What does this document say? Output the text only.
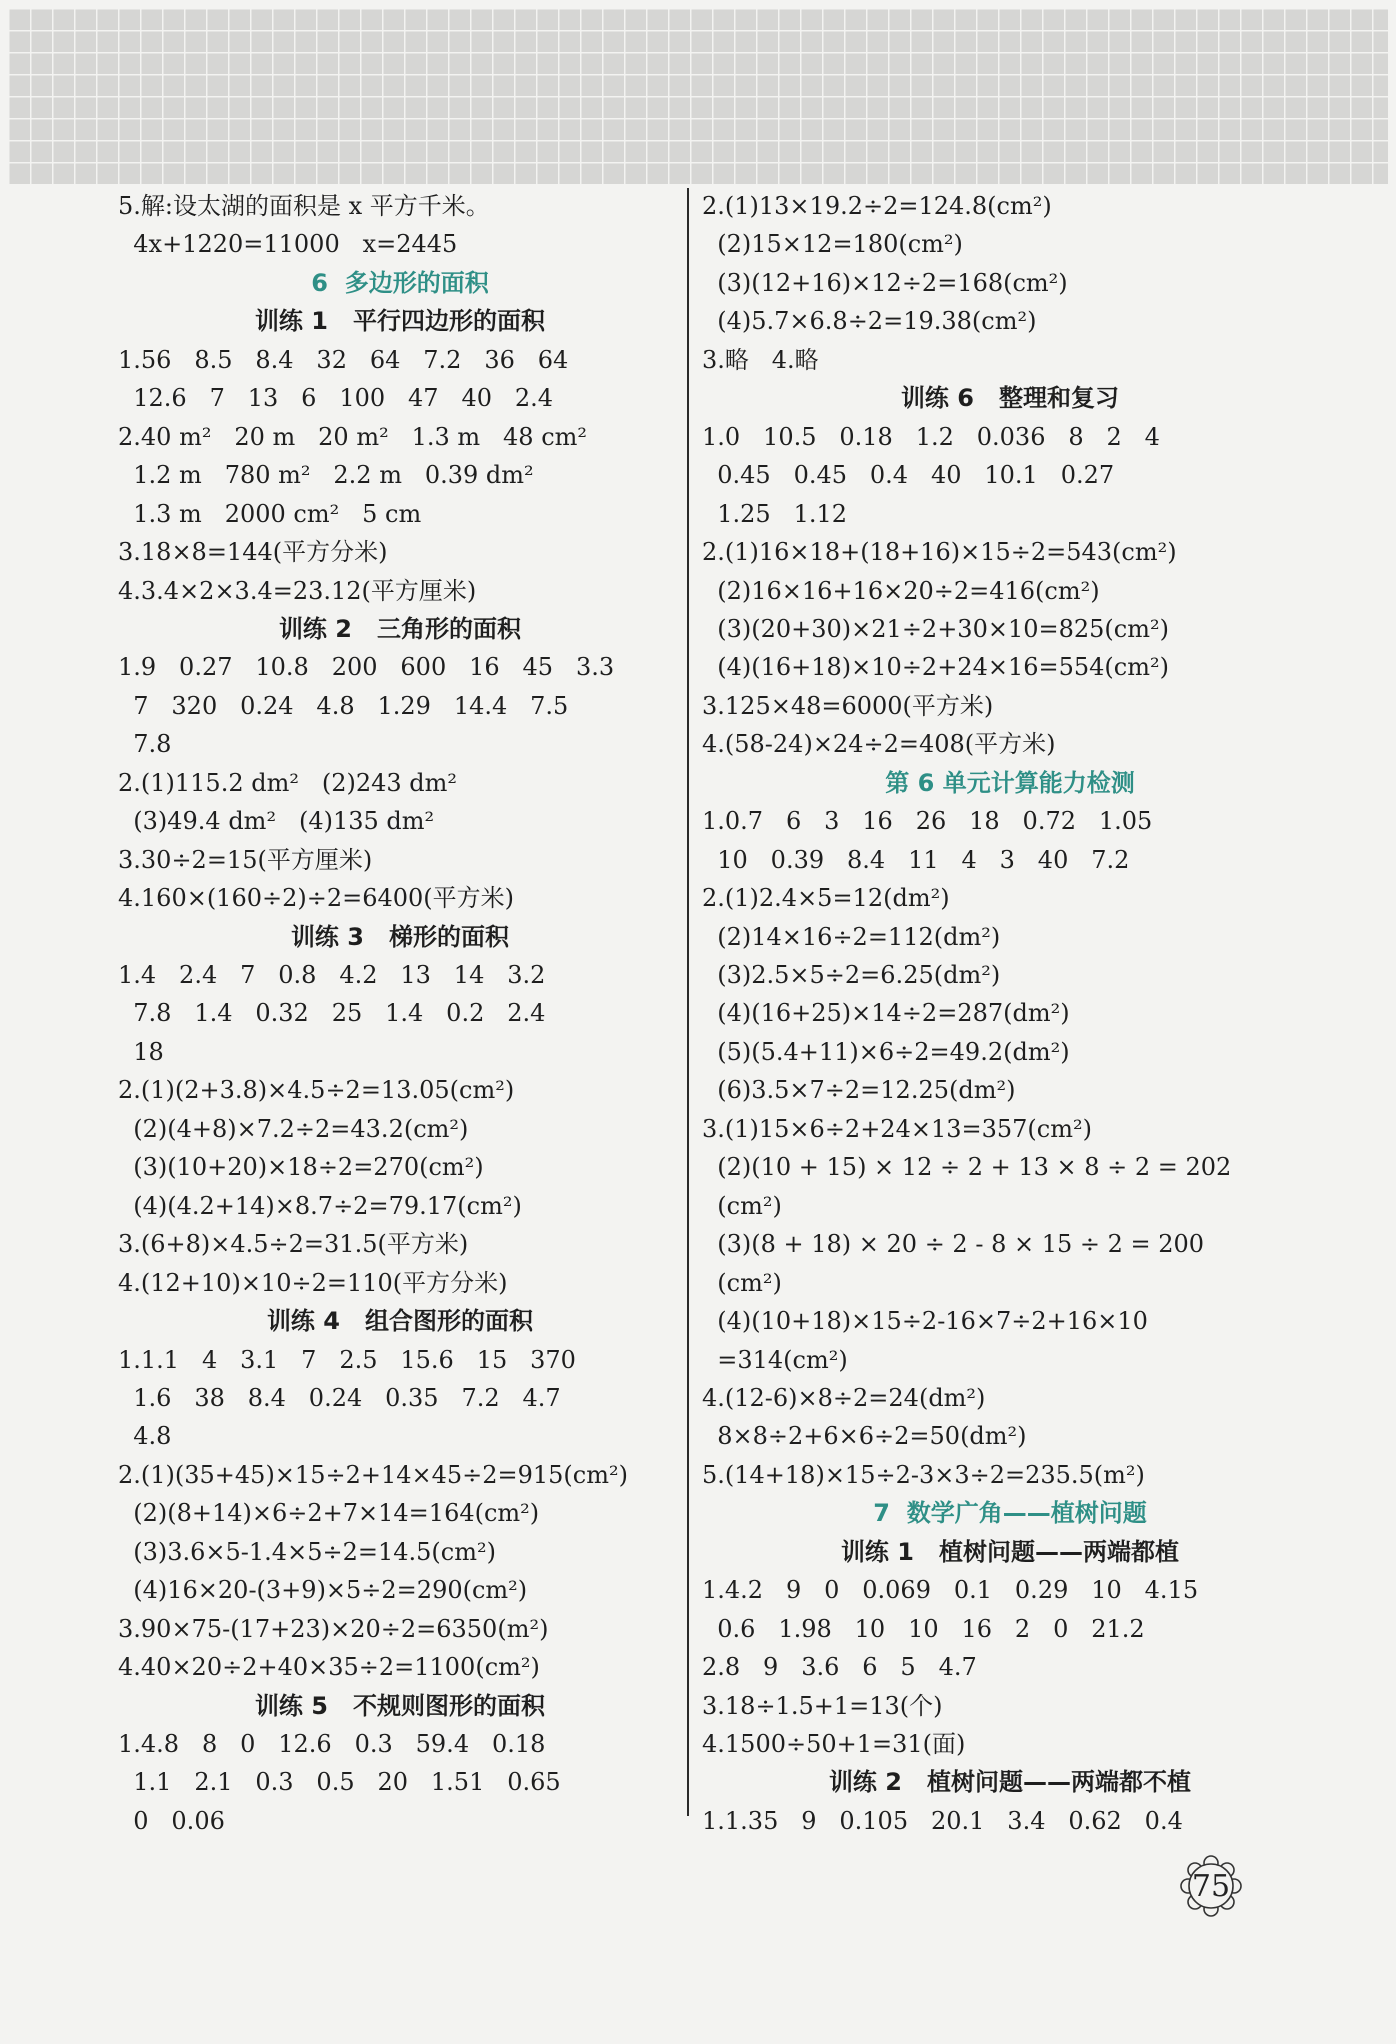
5.解:设太湖的面积是 x 平方千米。
4x+1220=11000   x=2445
6  多边形的面积
训练 1   平行四边形的面积
1.56   8.5   8.4   32   64   7.2   36   64
12.6   7   13   6   100   47   40   2.4
2.40 m²   20 m   20 m²   1.3 m   48 cm²
1.2 m   780 m²   2.2 m   0.39 dm²
1.3 m   2000 cm²   5 cm
3.18×8=144(平方分米)
4.3.4×2×3.4=23.12(平方厘米)
训练 2   三角形的面积
1.9   0.27   10.8   200   600   16   45   3.3
7   320   0.24   4.8   1.29   14.4   7.5
7.8
2.(1)115.2 dm²   (2)243 dm²
(3)49.4 dm²   (4)135 dm²
3.30÷2=15(平方厘米)
4.160×(160÷2)÷2=6400(平方米)
训练 3   梯形的面积
1.4   2.4   7   0.8   4.2   13   14   3.2
7.8   1.4   0.32   25   1.4   0.2   2.4
18
2.(1)(2+3.8)×4.5÷2=13.05(cm²)
(2)(4+8)×7.2÷2=43.2(cm²)
(3)(10+20)×18÷2=270(cm²)
(4)(4.2+14)×8.7÷2=79.17(cm²)
3.(6+8)×4.5÷2=31.5(平方米)
4.(12+10)×10÷2=110(平方分米)
训练 4   组合图形的面积
1.1.1   4   3.1   7   2.5   15.6   15   370
1.6   38   8.4   0.24   0.35   7.2   4.7
4.8
2.(1)(35+45)×15÷2+14×45÷2=915(cm²)
(2)(8+14)×6÷2+7×14=164(cm²)
(3)3.6×5-1.4×5÷2=14.5(cm²)
(4)16×20-(3+9)×5÷2=290(cm²)
3.90×75-(17+23)×20÷2=6350(m²)
4.40×20÷2+40×35÷2=1100(cm²)
训练 5   不规则图形的面积
1.4.8   8   0   12.6   0.3   59.4   0.18
1.1   2.1   0.3   0.5   20   1.51   0.65
0   0.06
2.(1)13×19.2÷2=124.8(cm²)
(2)15×12=180(cm²)
(3)(12+16)×12÷2=168(cm²)
(4)5.7×6.8÷2=19.38(cm²)
3.略   4.略
训练 6   整理和复习
1.0   10.5   0.18   1.2   0.036   8   2   4
0.45   0.45   0.4   40   10.1   0.27
1.25   1.12
2.(1)16×18+(18+16)×15÷2=543(cm²)
(2)16×16+16×20÷2=416(cm²)
(3)(20+30)×21÷2+30×10=825(cm²)
(4)(16+18)×10÷2+24×16=554(cm²)
3.125×48=6000(平方米)
4.(58-24)×24÷2=408(平方米)
第 6 单元计算能力检测
1.0.7   6   3   16   26   18   0.72   1.05
10   0.39   8.4   11   4   3   40   7.2
2.(1)2.4×5=12(dm²)
(2)14×16÷2=112(dm²)
(3)2.5×5÷2=6.25(dm²)
(4)(16+25)×14÷2=287(dm²)
(5)(5.4+11)×6÷2=49.2(dm²)
(6)3.5×7÷2=12.25(dm²)
3.(1)15×6÷2+24×13=357(cm²)
(2)(10 + 15) × 12 ÷ 2 + 13 × 8 ÷ 2 = 202
(cm²)
(3)(8 + 18) × 20 ÷ 2 - 8 × 15 ÷ 2 = 200
(cm²)
(4)(10+18)×15÷2-16×7÷2+16×10
=314(cm²)
4.(12-6)×8÷2=24(dm²)
8×8÷2+6×6÷2=50(dm²)
5.(14+18)×15÷2-3×3÷2=235.5(m²)
7  数学广角——植树问题
训练 1   植树问题——两端都植
1.4.2   9   0   0.069   0.1   0.29   10   4.15
0.6   1.98   10   10   16   2   0   21.2
2.8   9   3.6   6   5   4.7
3.18÷1.5+1=13(个)
4.1500÷50+1=31(面)
训练 2   植树问题——两端都不植
1.1.35   9   0.105   20.1   3.4   0.62   0.4
75
